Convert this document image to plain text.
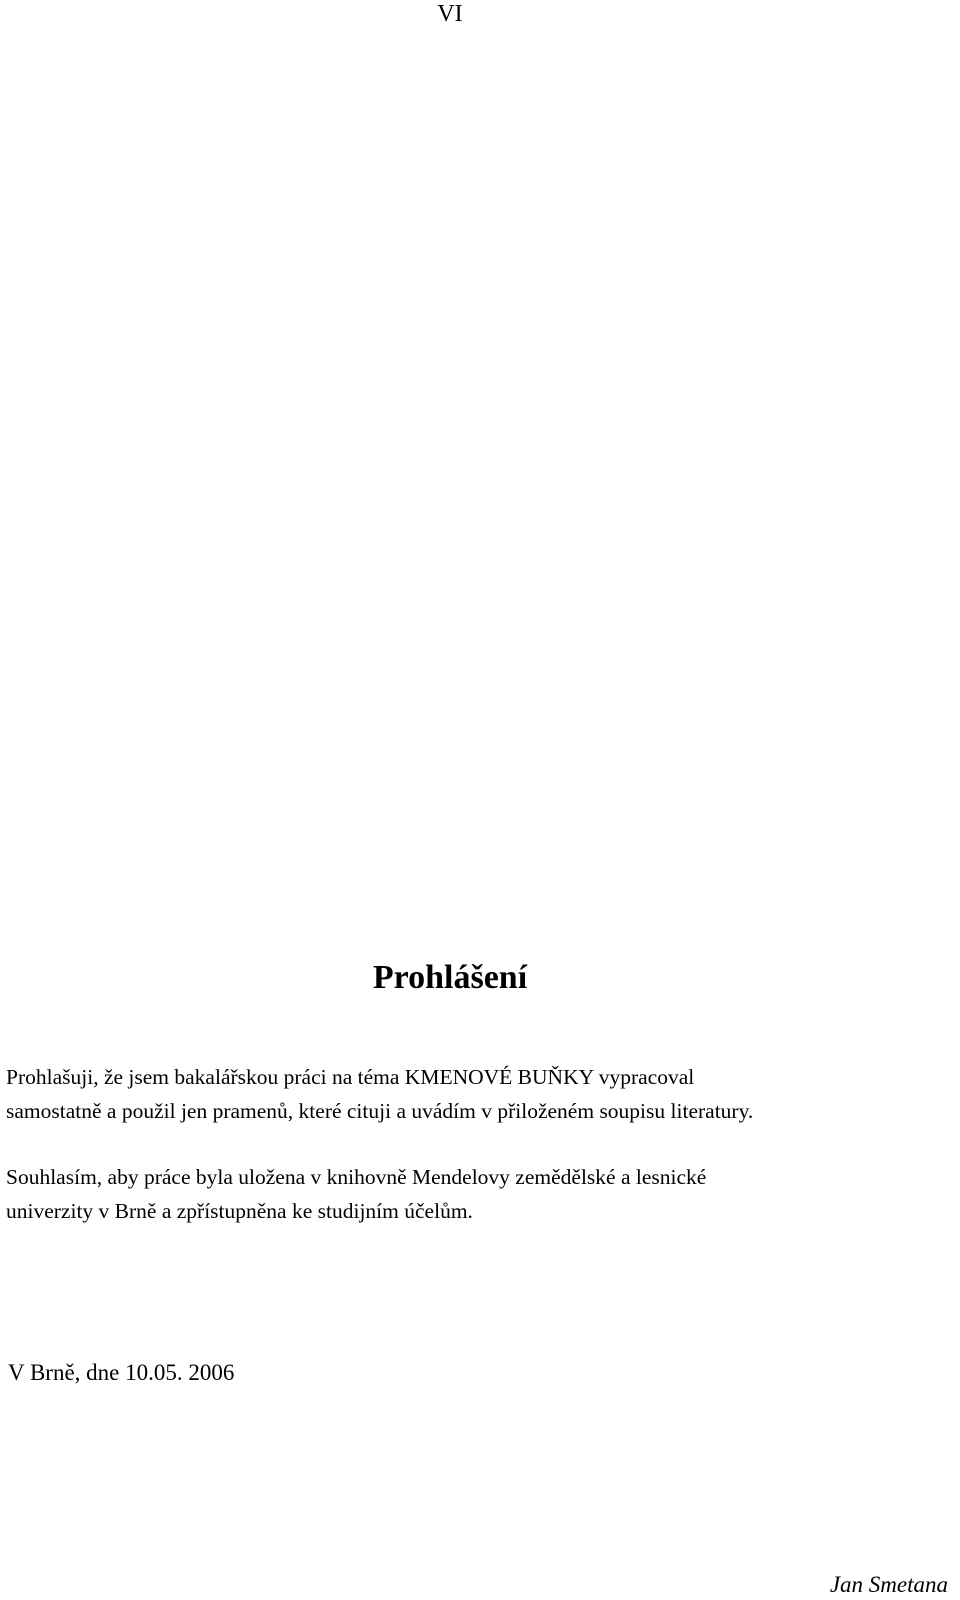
VI
Prohlášení
Prohlašuji, že jsem bakalářskou práci na téma KMENOVÉ BUŇKY vypracoval
samostatně a použil jen pramenů, které cituji a uvádím v přiloženém soupisu literatury.
Souhlasím, aby práce byla uložena v knihovně Mendelovy zemědělské a lesnické
univerzity v Brně a zpřístupněna ke studijním účelům.
V Brně, dne 10.05. 2006
Jan Smetana
